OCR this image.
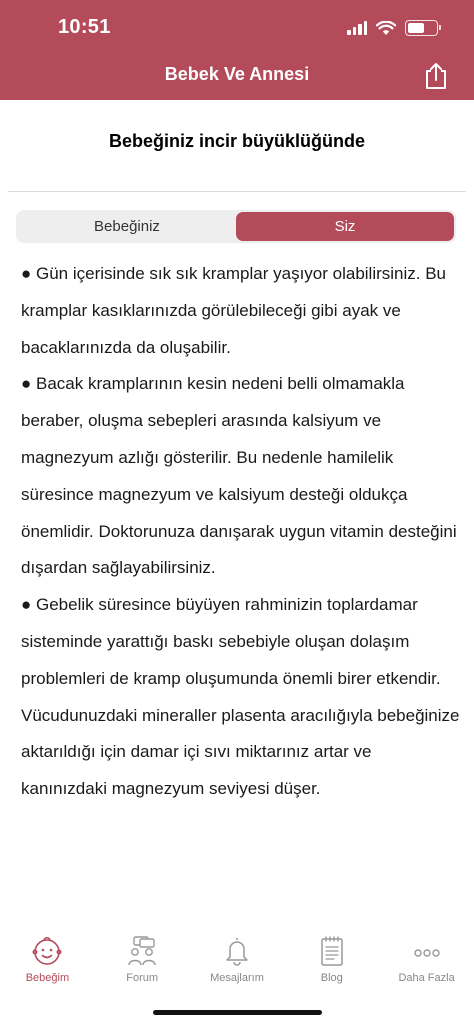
10:51
Bebek Ve Annesi
Bebeğiniz incir büyüklüğünde
Bebeğiniz	Siz

● Gün içerisinde sık sık kramplar yaşıyor olabilirsiniz. Bu kramplar kasıklarınızda görülebileceği gibi ayak ve bacaklarınızda da oluşabilir.

● Bacak kramplarının kesin nedeni belli olmamakla beraber, oluşma sebepleri arasında kalsiyum ve magnezyum azlığı gösterilir. Bu nedenle hamilelik süresince magnezyum ve kalsiyum desteği oldukça önemlidir. Doktorunuza danışarak uygun vitamin desteğini dışardan sağlayabilirsiniz.

● Gebelik süresince büyüyen rahminizin toplardamar sisteminde yarattığı baskı sebebiyle oluşan dolaşım problemleri de kramp oluşumunda önemli birer etkendir. Vücudunuzdaki mineraller plasenta aracılığıyla bebeğinize aktarıldığı için damar içi sıvı miktarınız artar ve kanınızdaki magnezyum seviyesi düşer.

Bebeğim	Forum	Mesajlarım	Blog	Daha Fazla
